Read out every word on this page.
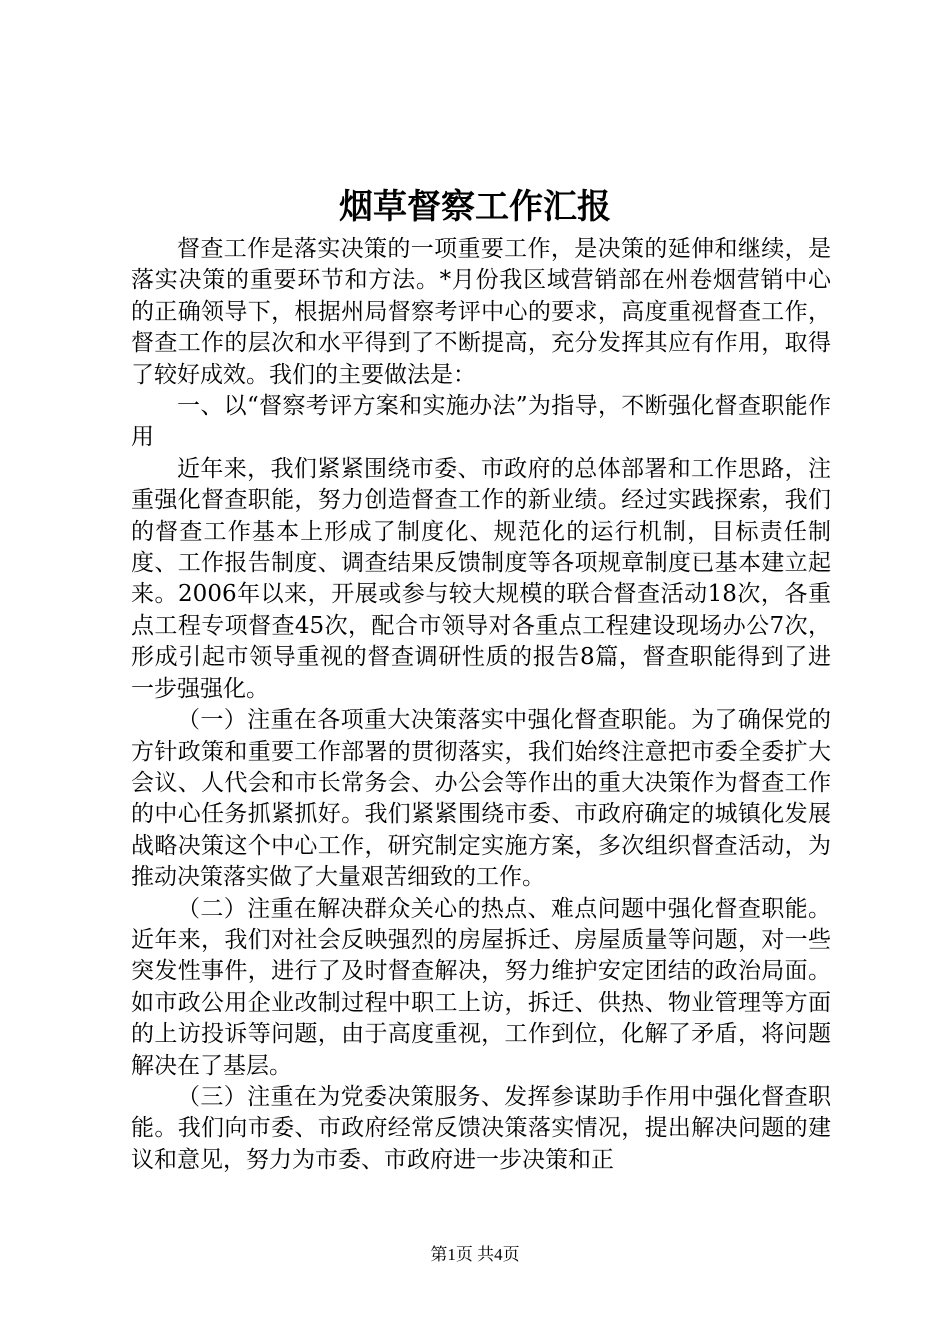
烟草督察工作汇报

督查工作是落实决策的一项重要工作，是决策的延伸和继续，是落实决策的重要环节和方法。*月份我区域营销部在州卷烟营销中心的正确领导下，根据州局督察考评中心的要求，高度重视督查工作，督查工作的层次和水平得到了不断提高，充分发挥其应有作用，取得了较好成效。我们的主要做法是：

一、以“督察考评方案和实施办法”为指导，不断强化督查职能作用

近年来，我们紧紧围绕市委、市政府的总体部署和工作思路，注重强化督查职能，努力创造督查工作的新业绩。经过实践探索，我们的督查工作基本上形成了制度化、规范化的运行机制，目标责任制度、工作报告制度、调查结果反馈制度等各项规章制度已基本建立起来。2006年以来，开展或参与较大规模的联合督查活动18次，各重点工程专项督查45次，配合市领导对各重点工程建设现场办公7次，形成引起市领导重视的督查调研性质的报告8篇，督查职能得到了进一步强强化。

（一）注重在各项重大决策落实中强化督查职能。为了确保党的方针政策和重要工作部署的贯彻落实，我们始终注意把市委全委扩大会议、人代会和市长常务会、办公会等作出的重大决策作为督查工作的中心任务抓紧抓好。我们紧紧围绕市委、市政府确定的城镇化发展战略决策这个中心工作，研究制定实施方案，多次组织督查活动，为推动决策落实做了大量艰苦细致的工作。

（二）注重在解决群众关心的热点、难点问题中强化督查职能。近年来，我们对社会反映强烈的房屋拆迁、房屋质量等问题，对一些突发性事件，进行了及时督查解决，努力维护安定团结的政治局面。如市政公用企业改制过程中职工上访，拆迁、供热、物业管理等方面的上访投诉等问题，由于高度重视，工作到位，化解了矛盾，将问题解决在了基层。

（三）注重在为党委决策服务、发挥参谋助手作用中强化督查职能。我们向市委、市政府经常反馈决策落实情况，提出解决问题的建议和意见，努力为市委、市政府进一步决策和正

第1页 共4页
